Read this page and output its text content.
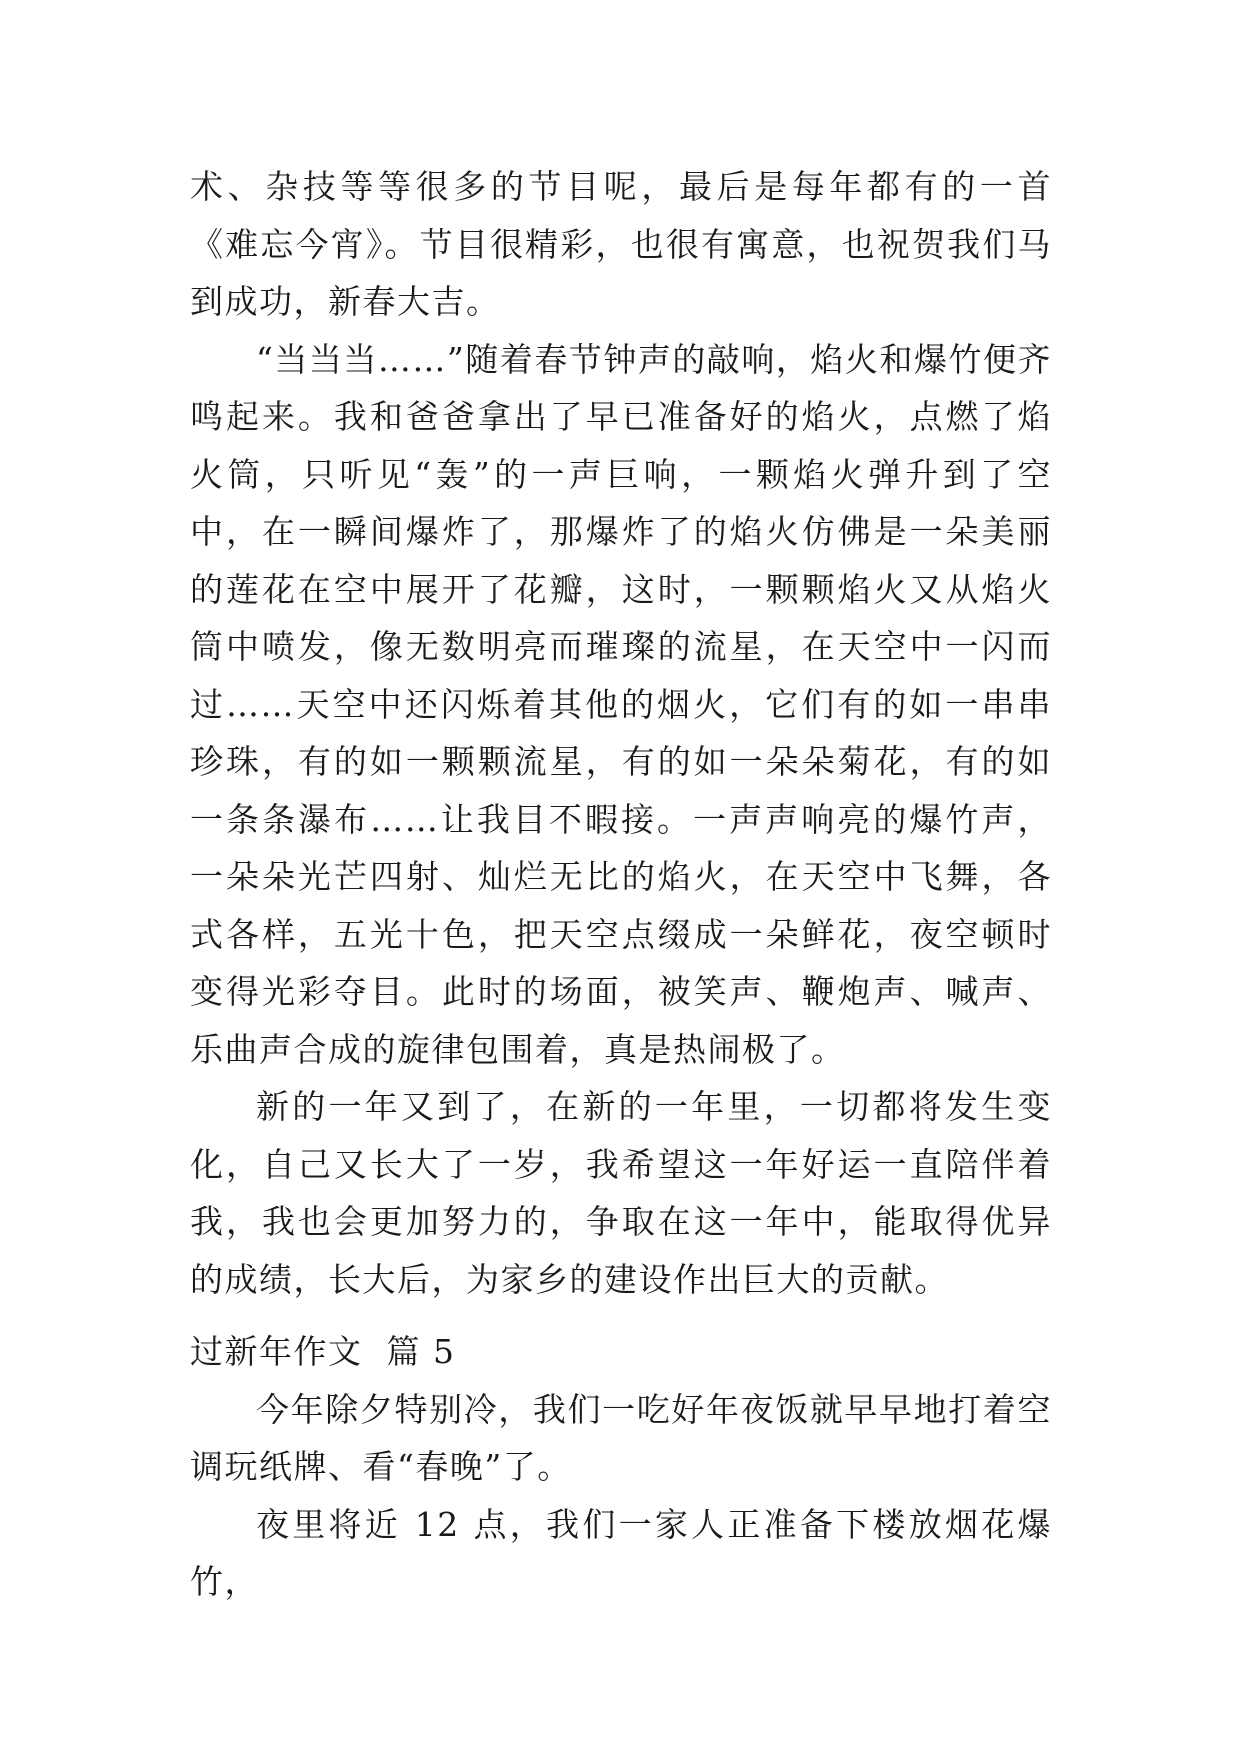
术、杂技等等很多的节目呢，最后是每年都有的一首《难忘今宵》。节目很精彩，也很有寓意，也祝贺我们马到成功，新春大吉。

“当当当……”随着春节钟声的敲响，焰火和爆竹便齐鸣起来。我和爸爸拿出了早已准备好的焰火，点燃了焰火筒，只听见“轰”的一声巨响，一颗焰火弹升到了空中，在一瞬间爆炸了，那爆炸了的焰火仿佛是一朵美丽的莲花在空中展开了花瓣，这时，一颗颗焰火又从焰火筒中喷发，像无数明亮而璀璨的流星，在天空中一闪而过……天空中还闪烁着其他的烟火，它们有的如一串串珍珠，有的如一颗颗流星，有的如一朵朵菊花，有的如一条条瀑布……让我目不暇接。一声声响亮的爆竹声，一朵朵光芒四射、灿烂无比的焰火，在天空中飞舞，各式各样，五光十色，把天空点缀成一朵鲜花，夜空顿时变得光彩夺目。此时的场面，被笑声、鞭炮声、喊声、乐曲声合成的旋律包围着，真是热闹极了。

新的一年又到了，在新的一年里，一切都将发生变化，自己又长大了一岁，我希望这一年好运一直陪伴着我，我也会更加努力的，争取在这一年中，能取得优异的成绩，长大后，为家乡的建设作出巨大的贡献。

过新年作文  篇 5

今年除夕特别冷，我们一吃好年夜饭就早早地打着空调玩纸牌、看“春晚”了。

夜里将近 12 点，我们一家人正准备下楼放烟花爆竹，
